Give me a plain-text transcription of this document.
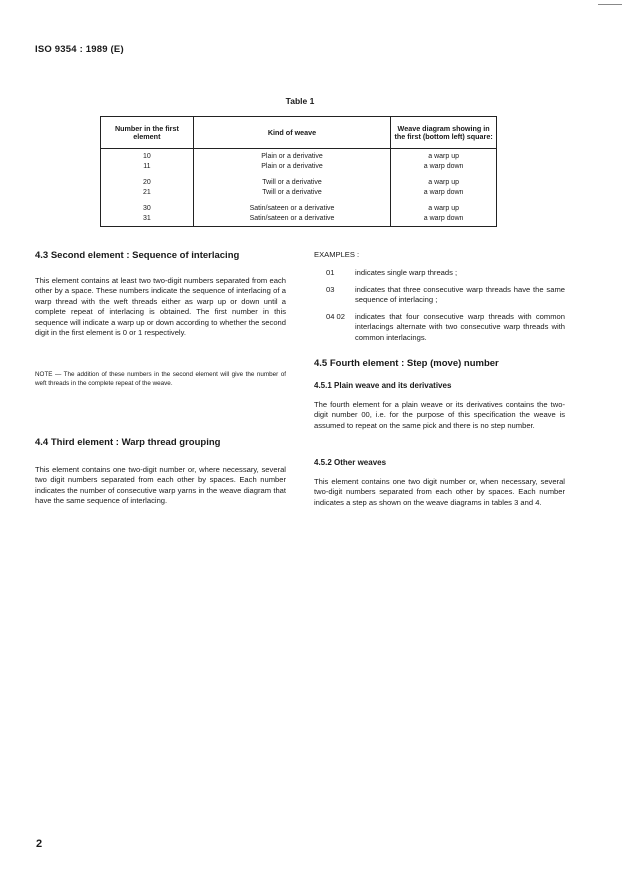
ISO 9354 : 1989 (E)
Table 1
Number in the first element	Kind of weave	Weave diagram showing in the first (bottom left) square:
10	Plain or a derivative	a warp up
11	Plain or a derivative	a warp down

20	Twill or a derivative	a warp up
21	Twill or a derivative	a warp down

30	Satin/sateen or a derivative	a warp up
31	Satin/sateen or a derivative	a warp down
4.3 Second element : Sequence of interlacing

This element contains at least two two-digit numbers separated from each other by a space. These numbers indicate the sequence of interlacing of a warp thread with the weft threads either as warp up or down until a complete repeat of interlacing is obtained. The first number in this sequence will indicate a warp up or down according to whether the second digit in the first element is 0 or 1 respectively.

NOTE — The addition of these numbers in the second element will give the number of weft threads in the complete repeat of the weave.

4.4 Third element : Warp thread grouping

This element contains one two-digit number or, where necessary, several two digit numbers separated from each other by spaces. Each number indicates the number of consecutive warp yarns in the weave diagram that have the same sequence of interlacing.

EXAMPLES :
01	indicates single warp threads ;
03	indicates that three consecutive warp threads have the same sequence of interlacing ;
04 02	indicates that four consecutive warp threads with common interlacings alternate with two consecutive warp threads with common interlacings.
4.5 Fourth element : Step (move) number
4.5.1 Plain weave and its derivatives

The fourth element for a plain weave or its derivatives contains the two-digit number 00, i.e. for the purpose of this specification the weave is assumed to repeat on the same pick and there is no step number.

4.5.2 Other weaves

This element contains one two digit number or, when necessary, several two-digit numbers separated from each other by spaces. Each number indicates a step as shown on the weave diagrams in tables 3 and 4.

2
